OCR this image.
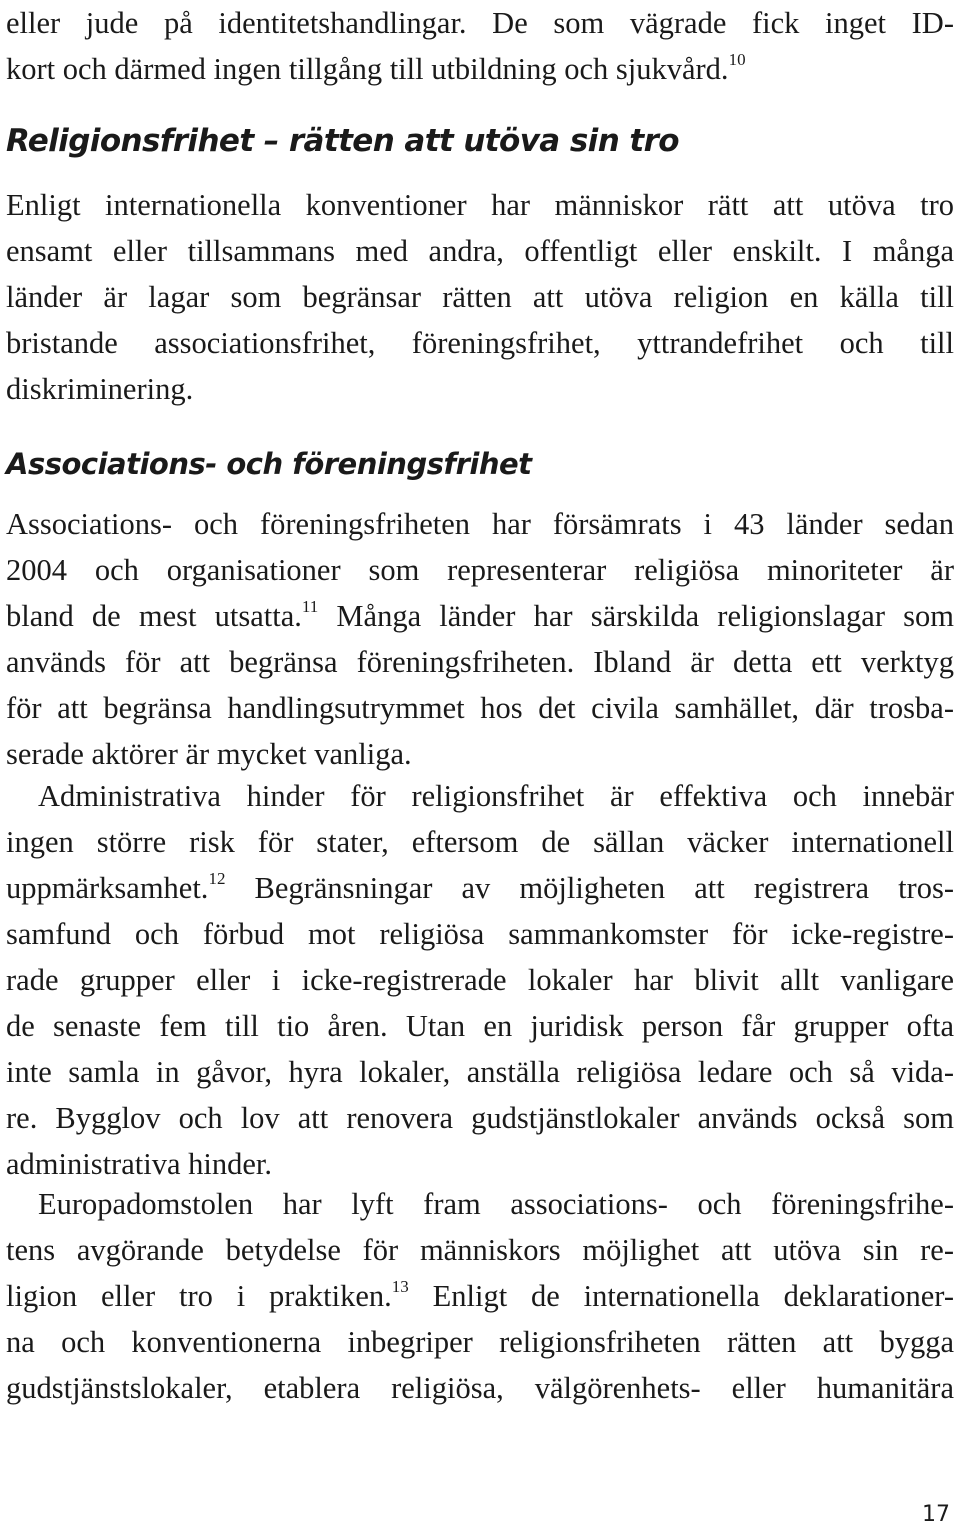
eller jude på identitetshandlingar. De som vägrade fick inget ID-

kort och därmed ingen tillgång till utbildning och sjukvård.$^{10}$

Religionsfrihet – rätten att utöva sin tro

Enligt internationella konventioner har människor rätt att utöva tro

ensamt eller tillsammans med andra, offentligt eller enskilt. I många

länder är lagar som begränsar rätten att utöva religion en källa till

bristande associationsfrihet, föreningsfrihet, yttrandefrihet och till

diskriminering.

Associations- och föreningsfrihet

Associations- och föreningsfriheten har försämrats i 43 länder sedan

2004 och organisationer som representerar religiösa minoriteter är

bland de mest utsatta.$^{11}$ Många länder har särskilda religionslagar som

används för att begränsa föreningsfriheten. Ibland är detta ett verktyg

för att begränsa handlingsutrymmet hos det civila samhället, där trosba-

serade aktörer är mycket vanliga.

Administrativa hinder för religionsfrihet är effektiva och innebär

ingen större risk för stater, eftersom de sällan väcker internationell

uppmärksamhet.$^{12}$ Begränsningar av möjligheten att registrera tros-

samfund och förbud mot religiösa sammankomster för icke-registre-

rade grupper eller i icke-registrerade lokaler har blivit allt vanligare

de senaste fem till tio åren. Utan en juridisk person får grupper ofta

inte samla in gåvor, hyra lokaler, anställa religiösa ledare och så vida-

re. Bygglov och lov att renovera gudstjänstlokaler används också som

administrativa hinder.

Europadomstolen har lyft fram associations- och föreningsfrihe-

tens avgörande betydelse för människors möjlighet att utöva sin re-

ligion eller tro i praktiken.$^{13}$ Enligt de internationella deklarationer-

na och konventionerna inbegriper religionsfriheten rätten att bygga

gudstjänstslokaler, etablera religiösa, välgörenhets- eller humanitära

17
